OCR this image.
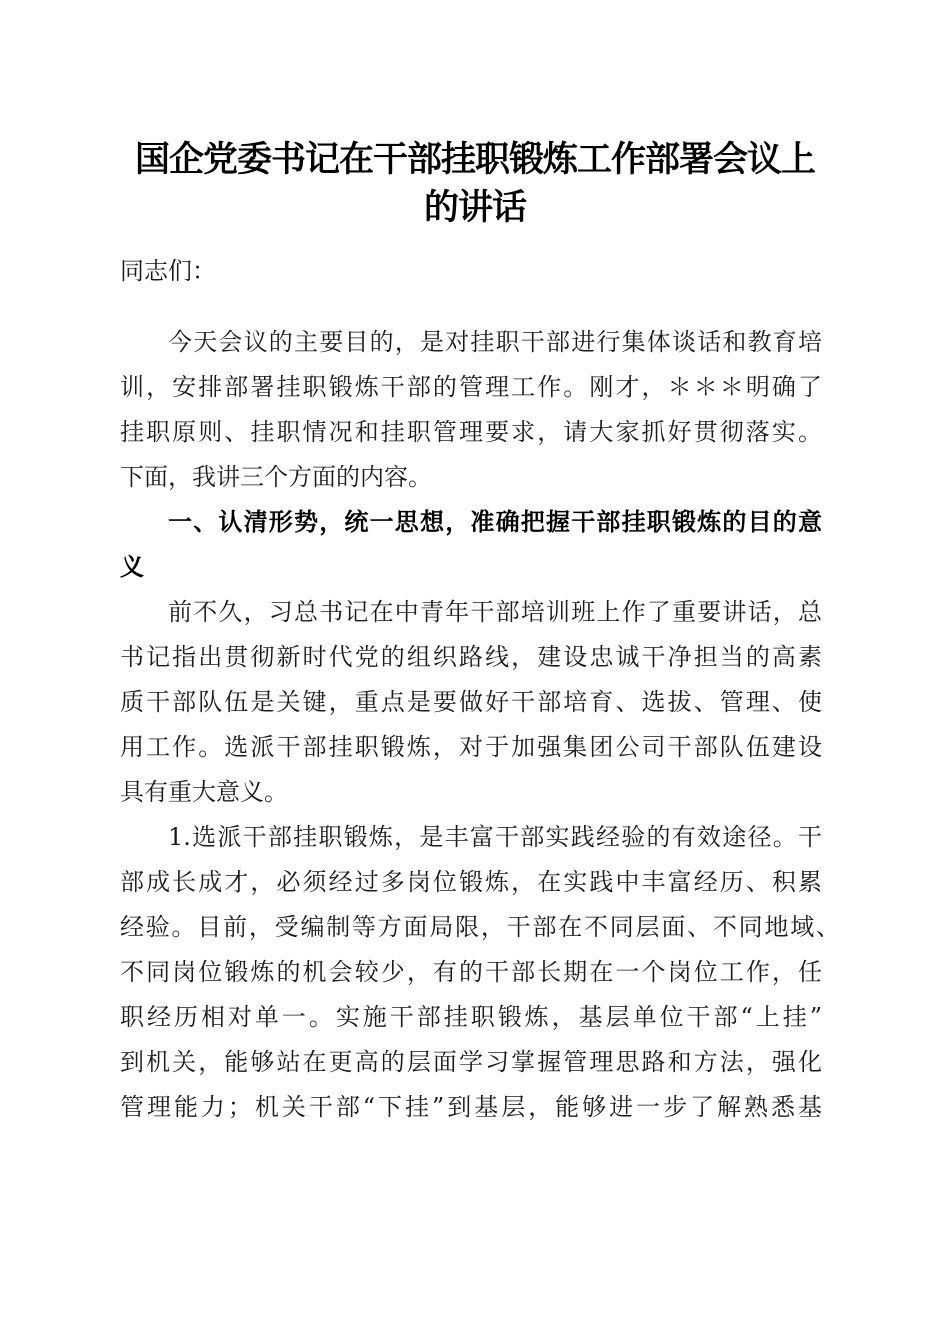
国企党委书记在干部挂职锻炼工作部署会议上
的讲话
同志们：
今天会议的主要目的，是对挂职干部进行集体谈话和教育培
训，安排部署挂职锻炼干部的管理工作。刚才，＊＊＊明确了
挂职原则、挂职情况和挂职管理要求，请大家抓好贯彻落实。
下面，我讲三个方面的内容。
一、认清形势，统一思想，准确把握干部挂职锻炼的目的意
义
前不久，习总书记在中青年干部培训班上作了重要讲话，总
书记指出贯彻新时代党的组织路线，建设忠诚干净担当的高素
质干部队伍是关键，重点是要做好干部培育、选拔、管理、使
用工作。选派干部挂职锻炼，对于加强集团公司干部队伍建设
具有重大意义。
1.选派干部挂职锻炼，是丰富干部实践经验的有效途径。干
部成长成才，必须经过多岗位锻炼，在实践中丰富经历、积累
经验。目前，受编制等方面局限，干部在不同层面、不同地域、
不同岗位锻炼的机会较少，有的干部长期在一个岗位工作，任
职经历相对单一。实施干部挂职锻炼，基层单位干部“上挂”
到机关，能够站在更高的层面学习掌握管理思路和方法，强化
管理能力；机关干部“下挂”到基层，能够进一步了解熟悉基
